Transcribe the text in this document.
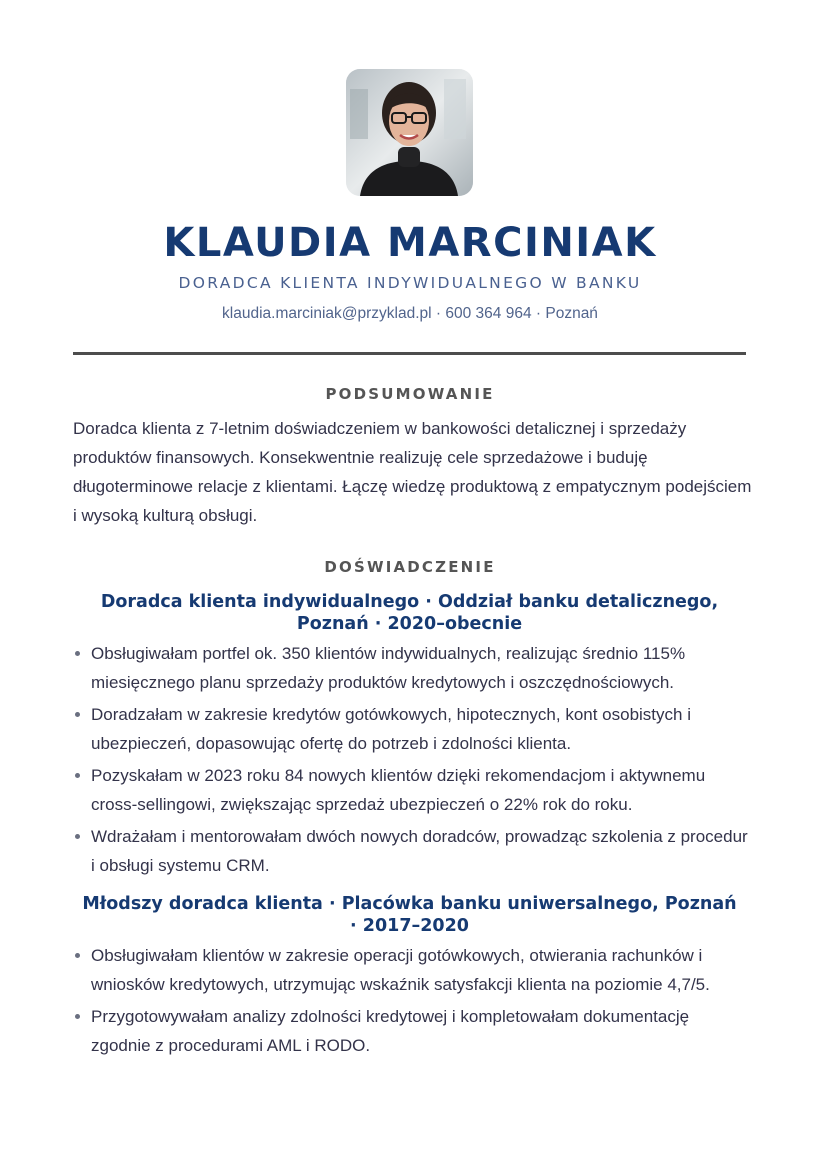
KLAUDIA MARCINIAK
DORADCA KLIENTA INDYWIDUALNEGO W BANKU
klaudia.marciniak@przyklad.pl · 600 364 964 · Poznań
PODSUMOWANIE

Doradca klienta z 7-letnim doświadczeniem w bankowości detalicznej i sprzedaży produktów finansowych. Konsekwentnie realizuję cele sprzedażowe i buduję długoterminowe relacje z klientami. Łączę wiedzę produktową z empatycznym podejściem i wysoką kulturą obsługi.

DOŚWIADCZENIE
Doradca klienta indywidualnego · Oddział banku detalicznego,
Poznań · 2020–obecnie
Obsługiwałam portfel ok. 350 klientów indywidualnych, realizując średnio 115% miesięcznego planu sprzedaży produktów kredytowych i oszczędnościowych.
Doradzałam w zakresie kredytów gotówkowych, hipotecznych, kont osobistych i ubezpieczeń, dopasowując ofertę do potrzeb i zdolności klienta.
Pozyskałam w 2023 roku 84 nowych klientów dzięki rekomendacjom i aktywnemu cross-sellingowi, zwiększając sprzedaż ubezpieczeń o 22% rok do roku.
Wdrażałam i mentorowałam dwóch nowych doradców, prowadząc szkolenia z procedur i obsługi systemu CRM.
Młodszy doradca klienta · Placówka banku uniwersalnego, Poznań
· 2017–2020
Obsługiwałam klientów w zakresie operacji gotówkowych, otwierania rachunków i wniosków kredytowych, utrzymując wskaźnik satysfakcji klienta na poziomie 4,7/5.
Przygotowywałam analizy zdolności kredytowej i kompletowałam dokumentację zgodnie z procedurami AML i RODO.
